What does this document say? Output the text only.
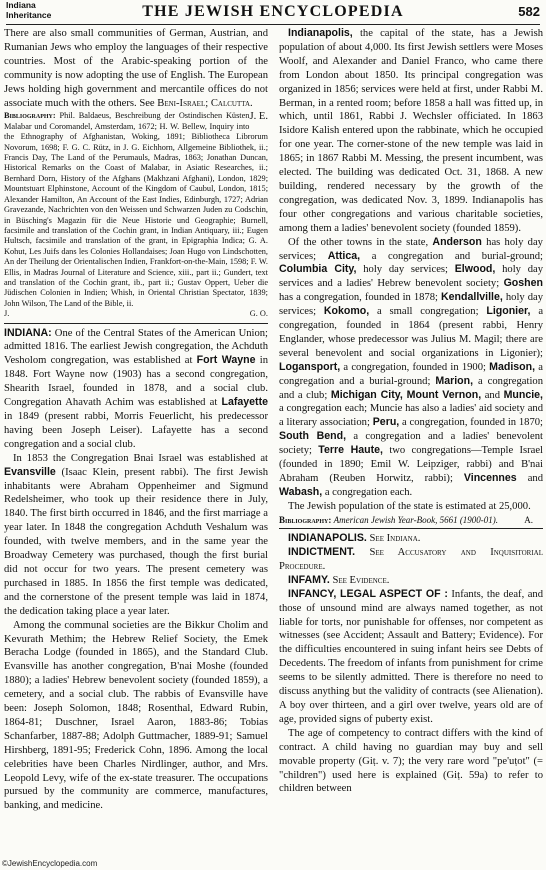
Indiana
Inheritance	THE JEWISH ENCYCLOPEDIA	582

There are also small communities of German, Austrian, and Rumanian Jews who employ the languages of their respective countries. Most of the Arabic-speaking portion of the community is now adopting the use of English. The European Jews holding high government and mercantile offices do not associate much with the others. See Beni-Israel; Calcutta.
J. E.

Bibliography: Phil. Baldaeus, Beschreibung der Ostindischen Küsten Malabar und Coromandel, Amsterdam, 1672; H. W. Bellew, Inquiry into the Ethnography of Afghanistan, Woking, 1891; Bibliotheca Librorum Novorum, 1698; F. G. C. Rütz, in J. G. Eichhorn, Allgemeine Bibliothek, ii.; Francis Day, The Land of the Perumauls, Madras, 1863; Jonathan Duncan, Historical Remarks on the Coast of Malabar, in Asiatic Researches, ii.; Bernhard Dorn, History of the Afghans (Makhzani Afghani), London, 1829; Mountstuart Elphinstone, Account of the Kingdom of Caubul, London, 1815; Alexander Hamilton, An Account of the East Indies, Edinburgh, 1727; Adrian Gravezande, Nachrichten von den Weissen und Schwarzen Juden zu Codschin, in Büsching's Magazin für die Neue Historie und Geographie; Burnell, facsimile and translation of the Cochin grant, in Indian Antiquary, iii.; Eugen Hultsch, facsimile and translation of the grant, in Epigraphia Indica; G. A. Kohut, Les Juifs dans les Colonies Hollandaises; Joan Hugo von Lindschotten, An der Theilung der Orientalischen Indien, Frankfort-on-the-Main, 1598; F. W. Ellis, in Madras Journal of Literature and Science, xiii., part ii.; Gundert, text and translation of the Cochin grant, ib., part ii.; Gustav Oppert, Ueber die Jüdischen Colonien in Indien; Whish, in Oriental Christian Spectator, 1839; John Wilson, The Land of the Bible, ii.
J.	G. O.

INDIANA: One of the Central States of the American Union; admitted 1816. The earliest Jewish congregation, the Achduth Vesholom congregation, was established at Fort Wayne in 1848. Fort Wayne now (1903) has a second congregation, Shearith Israel, founded in 1878, and a social club. Congregation Ahavath Achim was established at Lafayette in 1849 (present rabbi, Morris Feuerlicht, his predecessor having been Joseph Leiser). Lafayette has a second congregation and a social club.

In 1853 the Congregation Bnai Israel was established at Evansville (Isaac Klein, present rabbi). The first Jewish inhabitants were Abraham Oppenheimer and Sigmund Redelsheimer, who took up their residence there in July, 1840. The first birth occurred in 1846, and the first marriage a year later. In 1848 the congregation Achduth Veshalum was founded, with twelve members, and in the same year the Broadway Cemetery was purchased, though the first burial did not occur for two years. The present cemetery was purchased in 1885. In 1856 the first temple was dedicated, and the cornerstone of the present temple was laid in 1874, the dedication taking place a year later.

Among the communal societies are the Bikkur Cholim and Kevurath Methim; the Hebrew Relief Society, the Emek Beracha Lodge (founded in 1865), and the Standard Club. Evansville has another congregation, B'nai Moshe (founded 1880); a ladies' Hebrew benevolent society (founded 1859), a cemetery, and a social club. The rabbis of Evansville have been: Joseph Solomon, 1848; Rosenthal, Edward Rubin, 1864-81; Duschner, Israel Aaron, 1883-86; Tobias Schanfarber, 1887-88; Adolph Guttmacher, 1889-91; Samuel Hirshberg, 1891-95; Frederick Cohn, 1896. Among the local celebrities have been Charles Nirdlinger, author, and Mrs. Leopold Levy, wife of the ex-state treasurer. The occupations pursued by the community are commerce, manufactures, banking, and medicine.

Indianapolis, the capital of the state, has a Jewish population of about 4,000. Its first Jewish settlers were Moses Woolf, and Alexander and Daniel Franco, who came there from London about 1850. Its principal congregation was organized in 1856; services were held at first, under Rabbi M. Berman, in a rented room; before 1858 a hall was fitted up, in which, until 1861, Rabbi J. Wechsler officiated. In 1863 Isidore Kalish entered upon the rabbinate, which he occupied for one year. The corner-stone of the new temple was laid in 1865; in 1867 Rabbi M. Messing, the present incumbent, was elected. The building was dedicated Oct. 31, 1868. A new building, rendered necessary by the growth of the congregation, was dedicated Nov. 3, 1899. Indianapolis has four other congregations and various charitable societies, among them a ladies' benevolent society (founded 1859).

Of the other towns in the state, Anderson has holy day services; Attica, a congregation and burial-ground; Columbia City, holy day services; Elwood, holy day services and a ladies' Hebrew benevolent society; Goshen has a congregation, founded in 1878; Kendallville, holy day services; Kokomo, a small congregation; Ligonier, a congregation, founded in 1864 (present rabbi, Henry Englander, whose predecessor was Julius M. Magil; there are several benevolent and social organizations in Ligonier); Logansport, a congregation, founded in 1900; Madison, a congregation and a burial-ground; Marion, a congregation and a club; Michigan City, Mount Vernon, and Muncie, a congregation each; Muncie has also a ladies' aid society and a literary association; Peru, a congregation, founded in 1870; South Bend, a congregation and a ladies' benevolent society; Terre Haute, two congregations—Temple Israel (founded in 1890; Emil W. Leipziger, rabbi) and B'nai Abraham (Reuben Horwitz, rabbi); Vincennes and Wabash, a congregation each.

The Jewish population of the state is estimated at 25,000.

Bibliography: American Jewish Year-Book, 5661 (1900-01).	A.

INDIANAPOLIS. See Indiana.

INDICTMENT. See Accusatory and Inquisitorial Procedure.

INFAMY. See Evidence.

INFANCY, LEGAL ASPECT OF : Infants, the deaf, and those of unsound mind are always named together, as not liable for torts, nor punishable for offenses, nor competent as witnesses (see Accident; Assault and Battery; Evidence). For the difficulties encountered in suing infant heirs see Debts of Decedents. The freedom of infants from punishment for crime seems to be silently admitted. There is therefore no need to discuss anything but the validity of contracts (see Alienation). A boy over thirteen, and a girl over twelve, years old are of age, provided signs of puberty exist.

The age of competency to contract differs with the kind of contract. A child having no guardian may buy and sell movable property (Giṭ. v. 7); the very rare word "pe'uṭot" (= "children") used here is explained (Giṭ. 59a) to refer to children between

©JewishEncyclopedia.com
